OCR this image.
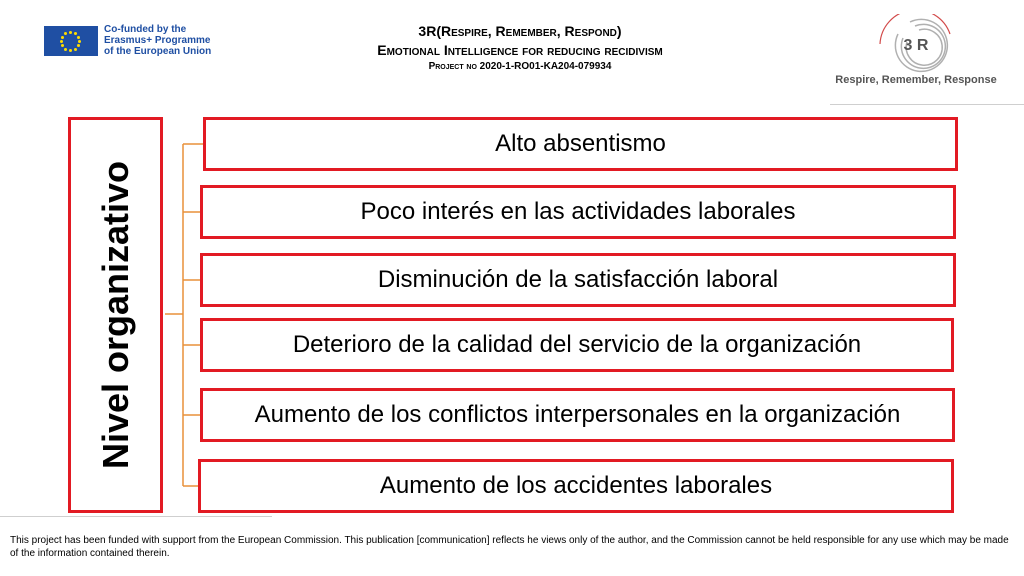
Co-funded by the
Erasmus+ Programme
of the European Union
3R(Respire, Remember, Respond)
Emotional Intelligence for reducing recidivism
Project no 2020-1-RO01-KA204-079934
3 R
Respire, Remember, Response
Nivel organizativo
Alto absentismo
Poco interés en las actividades laborales
Disminución de la satisfacción laboral
Deterioro de la calidad del servicio de la organización
Aumento de los conflictos interpersonales en la organización
Aumento de los accidentes laborales
This project has been funded with support from the European Commission. This publication [communication] reflects he views only of the author, and the Commission cannot be held responsible for any use which may be made of the information contained therein.
